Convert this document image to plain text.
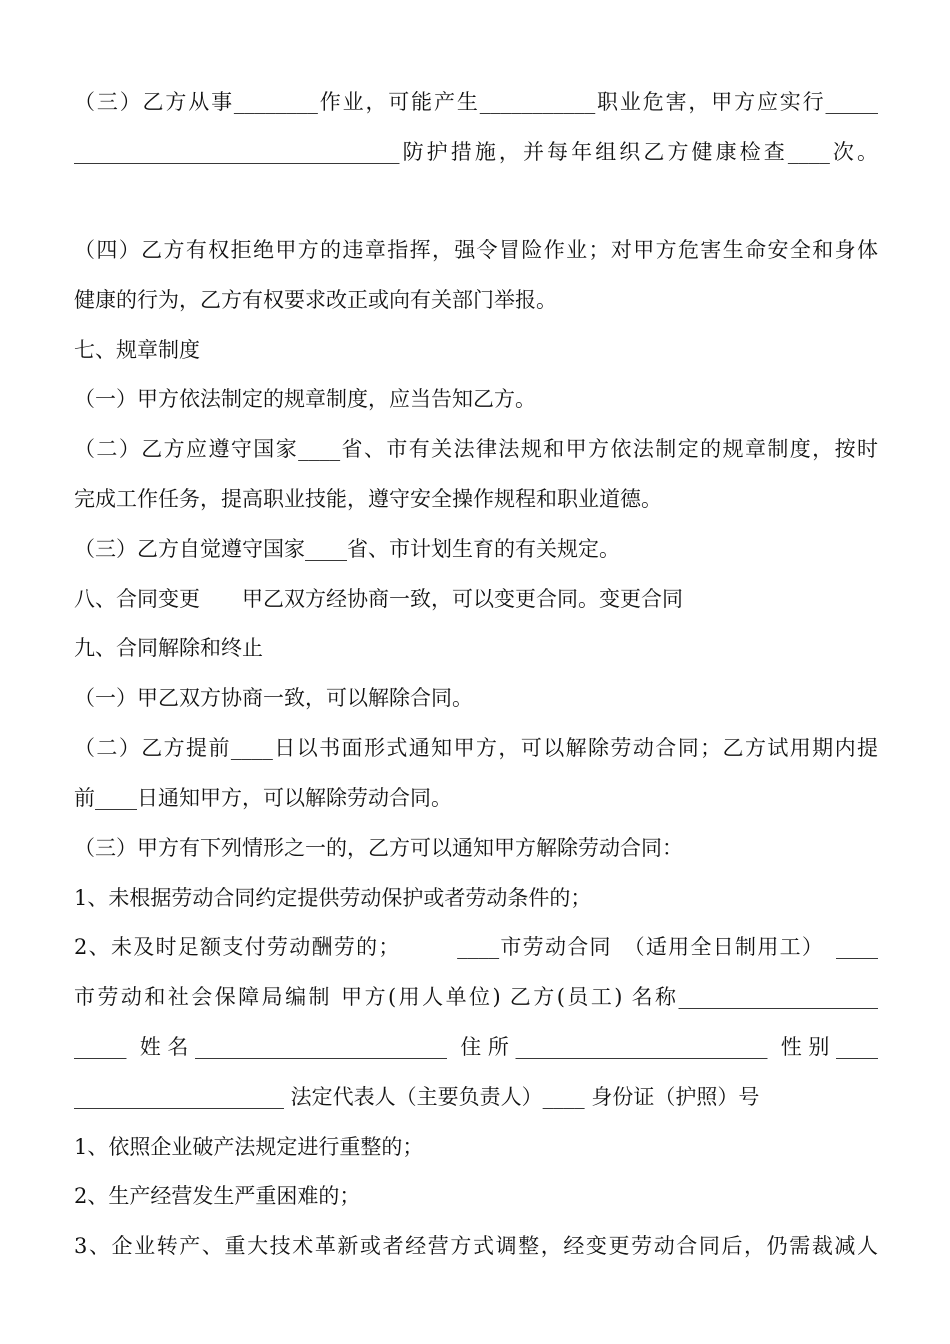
（三）乙方从事________作业，可能产生___________职业危害，甲方应实行_____
_______________________________防护措施，并每年组织乙方健康检查____次。
（四）乙方有权拒绝甲方的违章指挥，强令冒险作业；对甲方危害生命安全和身体
健康的行为，乙方有权要求改正或向有关部门举报。
七、规章制度
（一）甲方依法制定的规章制度，应当告知乙方。
（二）乙方应遵守国家____省、市有关法律法规和甲方依法制定的规章制度，按时
完成工作任务，提高职业技能，遵守安全操作规程和职业道德。
（三）乙方自觉遵守国家____省、市计划生育的有关规定。
八、合同变更　　甲乙双方经协商一致，可以变更合同。变更合同
九、合同解除和终止
（一）甲乙双方协商一致，可以解除合同。
（二）乙方提前____日以书面形式通知甲方，可以解除劳动合同；乙方试用期内提
前____日通知甲方，可以解除劳动合同。
（三）甲方有下列情形之一的，乙方可以通知甲方解除劳动合同：
1、未根据劳动合同约定提供劳动保护或者劳动条件的；
2、未及时足额支付劳动酬劳的；　　　____市劳动合同　（适用全日制用工）　____
市劳动和社会保障局编制 甲方(用人单位) 乙方(员工) 名称___________________
_____ 姓名________________________ 住所________________________ 性别____
____________________ 法定代表人（主要负责人）____ 身份证（护照）号
1、依照企业破产法规定进行重整的；
2、生产经营发生严重困难的；
3、企业转产、重大技术革新或者经营方式调整，经变更劳动合同后，仍需裁减人
